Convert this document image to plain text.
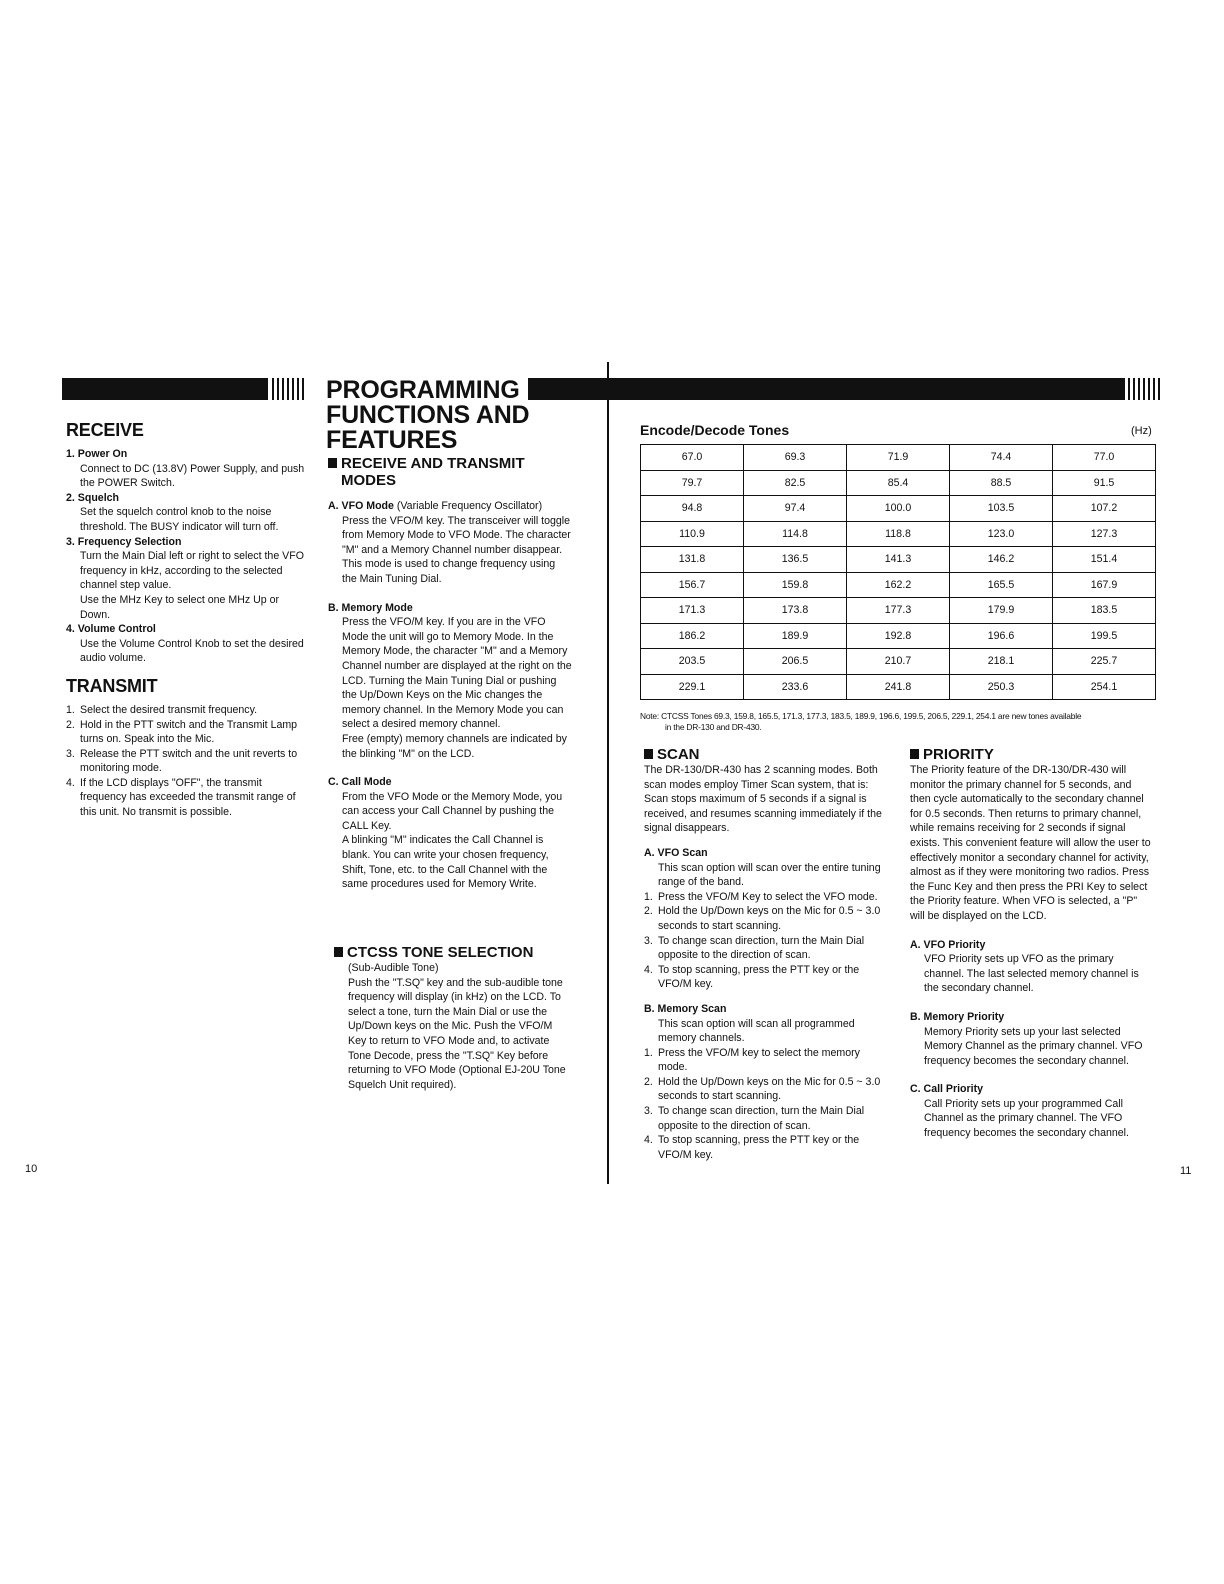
PROGRAMMING
FUNCTIONS AND
FEATURES
RECEIVE

1. Power On

Connect to DC (13.8V) Power Supply, and push the POWER Switch.

2. Squelch

Set the squelch control knob to the noise threshold. The BUSY indicator will turn off.

3. Frequency Selection

Turn the Main Dial left or right to select the VFO frequency in kHz, according to the selected channel step value.

Use the MHz Key to select one MHz Up or Down.

4. Volume Control

Use the Volume Control Knob to set the desired audio volume.

TRANSMIT
1. Select the desired transmit frequency.
2. Hold in the PTT switch and the Transmit Lamp turns on. Speak into the Mic.
3. Release the PTT switch and the unit reverts to monitoring mode.
4. If the LCD displays "OFF", the transmit frequency has exceeded the transmit range of this unit. No transmit is possible.
RECEIVE AND TRANSMIT
MODES

A. VFO Mode (Variable Frequency Oscillator)

Press the VFO/M key. The transceiver will toggle from Memory Mode to VFO Mode. The character "M" and a Memory Channel number disappear. This mode is used to change frequency using the Main Tuning Dial.

B. Memory Mode

Press the VFO/M key. If you are in the VFO Mode the unit will go to Memory Mode. In the Memory Mode, the character "M" and a Memory Channel number are displayed at the right on the LCD. Turning the Main Tuning Dial or pushing the Up/Down Keys on the Mic changes the memory channel. In the Memory Mode you can select a desired memory channel.

Free (empty) memory channels are indicated by the blinking "M" on the LCD.

C. Call Mode

From the VFO Mode or the Memory Mode, you can access your Call Channel by pushing the CALL Key.

A blinking "M" indicates the Call Channel is blank. You can write your chosen frequency, Shift, Tone, etc. to the Call Channel with the same procedures used for Memory Write.

CTCSS TONE SELECTION

(Sub-Audible Tone)

Push the "T.SQ" key and the sub-audible tone frequency will display (in kHz) on the LCD. To select a tone, turn the Main Dial or use the Up/Down keys on the Mic. Push the VFO/M Key to return to VFO Mode and, to activate Tone Decode, press the "T.SQ" Key before returning to VFO Mode (Optional EJ-20U Tone Squelch Unit required).

Encode/Decode Tones	(Hz)
67.0	69.3	71.9	74.4	77.0
79.7	82.5	85.4	88.5	91.5
94.8	97.4	100.0	103.5	107.2
110.9	114.8	118.8	123.0	127.3
131.8	136.5	141.3	146.2	151.4
156.7	159.8	162.2	165.5	167.9
171.3	173.8	177.3	179.9	183.5
186.2	189.9	192.8	196.6	199.5
203.5	206.5	210.7	218.1	225.7
229.1	233.6	241.8	250.3	254.1
Note: CTCSS Tones 69.3, 159.8, 165.5, 171.3, 177.3, 183.5, 189.9, 196.6, 199.5, 206.5, 229.1, 254.1 are new tones available
in the DR-130 and DR-430.
SCAN

The DR-130/DR-430 has 2 scanning modes. Both scan modes employ Timer Scan system, that is: Scan stops maximum of 5 seconds if a signal is received, and resumes scanning immediately if the signal disappears.

A. VFO Scan

This scan option will scan over the entire tuning range of the band.

1. Press the VFO/M Key to select the VFO mode.
2. Hold the Up/Down keys on the Mic for 0.5 ~ 3.0 seconds to start scanning.
3. To change scan direction, turn the Main Dial opposite to the direction of scan.
4. To stop scanning, press the PTT key or the VFO/M key.

B. Memory Scan

This scan option will scan all programmed memory channels.

1. Press the VFO/M key to select the memory mode.
2. Hold the Up/Down keys on the Mic for 0.5 ~ 3.0 seconds to start scanning.
3. To change scan direction, turn the Main Dial opposite to the direction of scan.
4. To stop scanning, press the PTT key or the VFO/M key.
PRIORITY

The Priority feature of the DR-130/DR-430 will monitor the primary channel for 5 seconds, and then cycle automatically to the secondary channel for 0.5 seconds. Then returns to primary channel, while remains receiving for 2 seconds if signal exists. This convenient feature will allow the user to effectively monitor a secondary channel for activity, almost as if they were monitoring two radios. Press the Func Key and then press the PRI Key to select the Priority feature. When VFO is selected, a "P" will be displayed on the LCD.

A. VFO Priority

VFO Priority sets up VFO as the primary channel. The last selected memory channel is the secondary channel.

B. Memory Priority

Memory Priority sets up your last selected Memory Channel as the primary channel. VFO frequency becomes the secondary channel.

C. Call Priority

Call Priority sets up your programmed Call Channel as the primary channel. The VFO frequency becomes the secondary channel.

10	11
